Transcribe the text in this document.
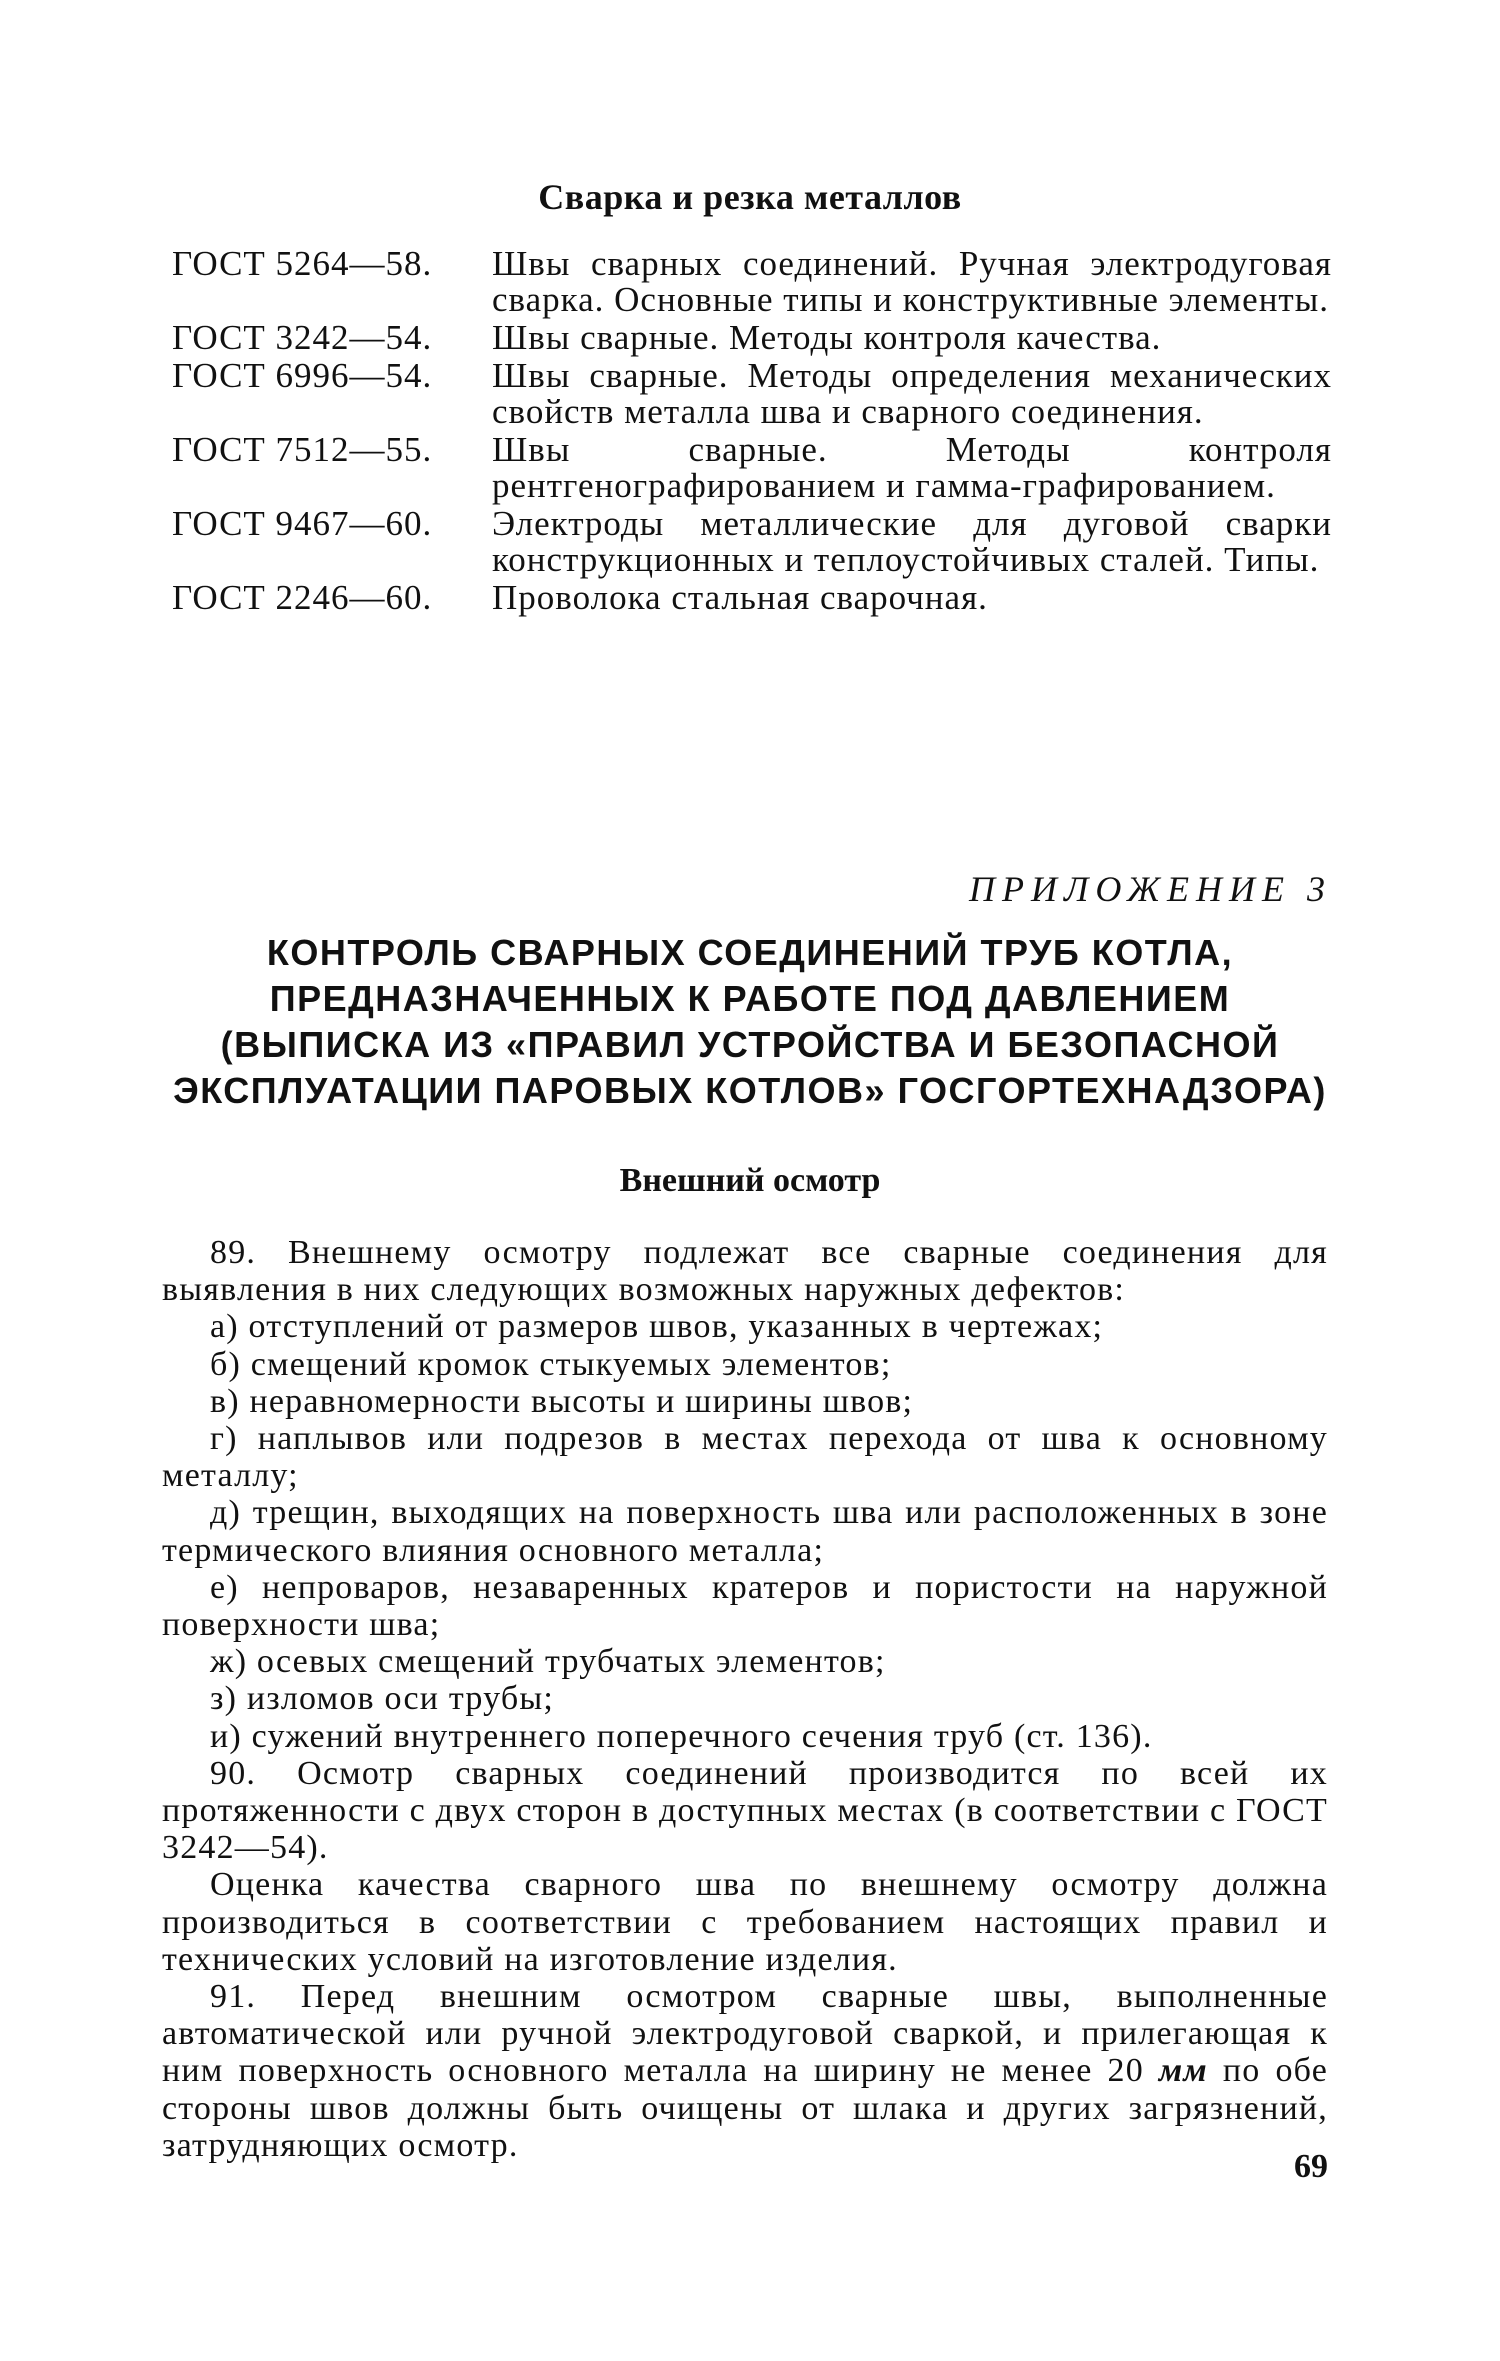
Сварка и резка металлов
ГОСТ 5264—58.	Швы сварных соединений. Ручная электродуговая сварка. Основные типы и конструктивные элементы.
ГОСТ 3242—54.	Швы сварные. Методы контроля качества.
ГОСТ 6996—54.	Швы сварные. Методы определения механических свойств металла шва и сварного соединения.
ГОСТ 7512—55.	Швы сварные. Методы контроля рентгенографированием и гамма-графированием.
ГОСТ 9467—60.	Электроды металлические для дуговой сварки конструкционных и теплоустойчивых сталей. Типы.
ГОСТ 2246—60.	Проволока стальная сварочная.
ПРИЛОЖЕНИЕ 3
КОНТРОЛЬ СВАРНЫХ СОЕДИНЕНИЙ ТРУБ КОТЛА, ПРЕДНАЗНАЧЕННЫХ К РАБОТЕ ПОД ДАВЛЕНИЕМ (ВЫПИСКА ИЗ «ПРАВИЛ УСТРОЙСТВА И БЕЗОПАСНОЙ ЭКСПЛУАТАЦИИ ПАРОВЫХ КОТЛОВ» ГОСГОРТЕХНАДЗОРА)
Внешний осмотр

89. Внешнему осмотру подлежат все сварные соединения для выявления в них следующих возможных наружных дефектов:

а) отступлений от размеров швов, указанных в чертежах;

б) смещений кромок стыкуемых элементов;

в) неравномерности высоты и ширины швов;

г) наплывов или подрезов в местах перехода от шва к основному металлу;

д) трещин, выходящих на поверхность шва или расположенных в зоне термического влияния основного металла;

е) непроваров, незаваренных кратеров и пористости на наружной поверхности шва;

ж) осевых смещений трубчатых элементов;

з) изломов оси трубы;

и) сужений внутреннего поперечного сечения труб (ст. 136).

90. Осмотр сварных соединений производится по всей их протяженности с двух сторон в доступных местах (в соответствии с ГОСТ 3242—54).

Оценка качества сварного шва по внешнему осмотру должна производиться в соответствии с требованием настоящих правил и технических условий на изготовление изделия.

91. Перед внешним осмотром сварные швы, выполненные автоматической или ручной электродуговой сваркой, и прилегающая к ним поверхность основного металла на ширину не менее 20 мм по обе стороны швов должны быть очищены от шлака и других загрязнений, затрудняющих осмотр.

69
